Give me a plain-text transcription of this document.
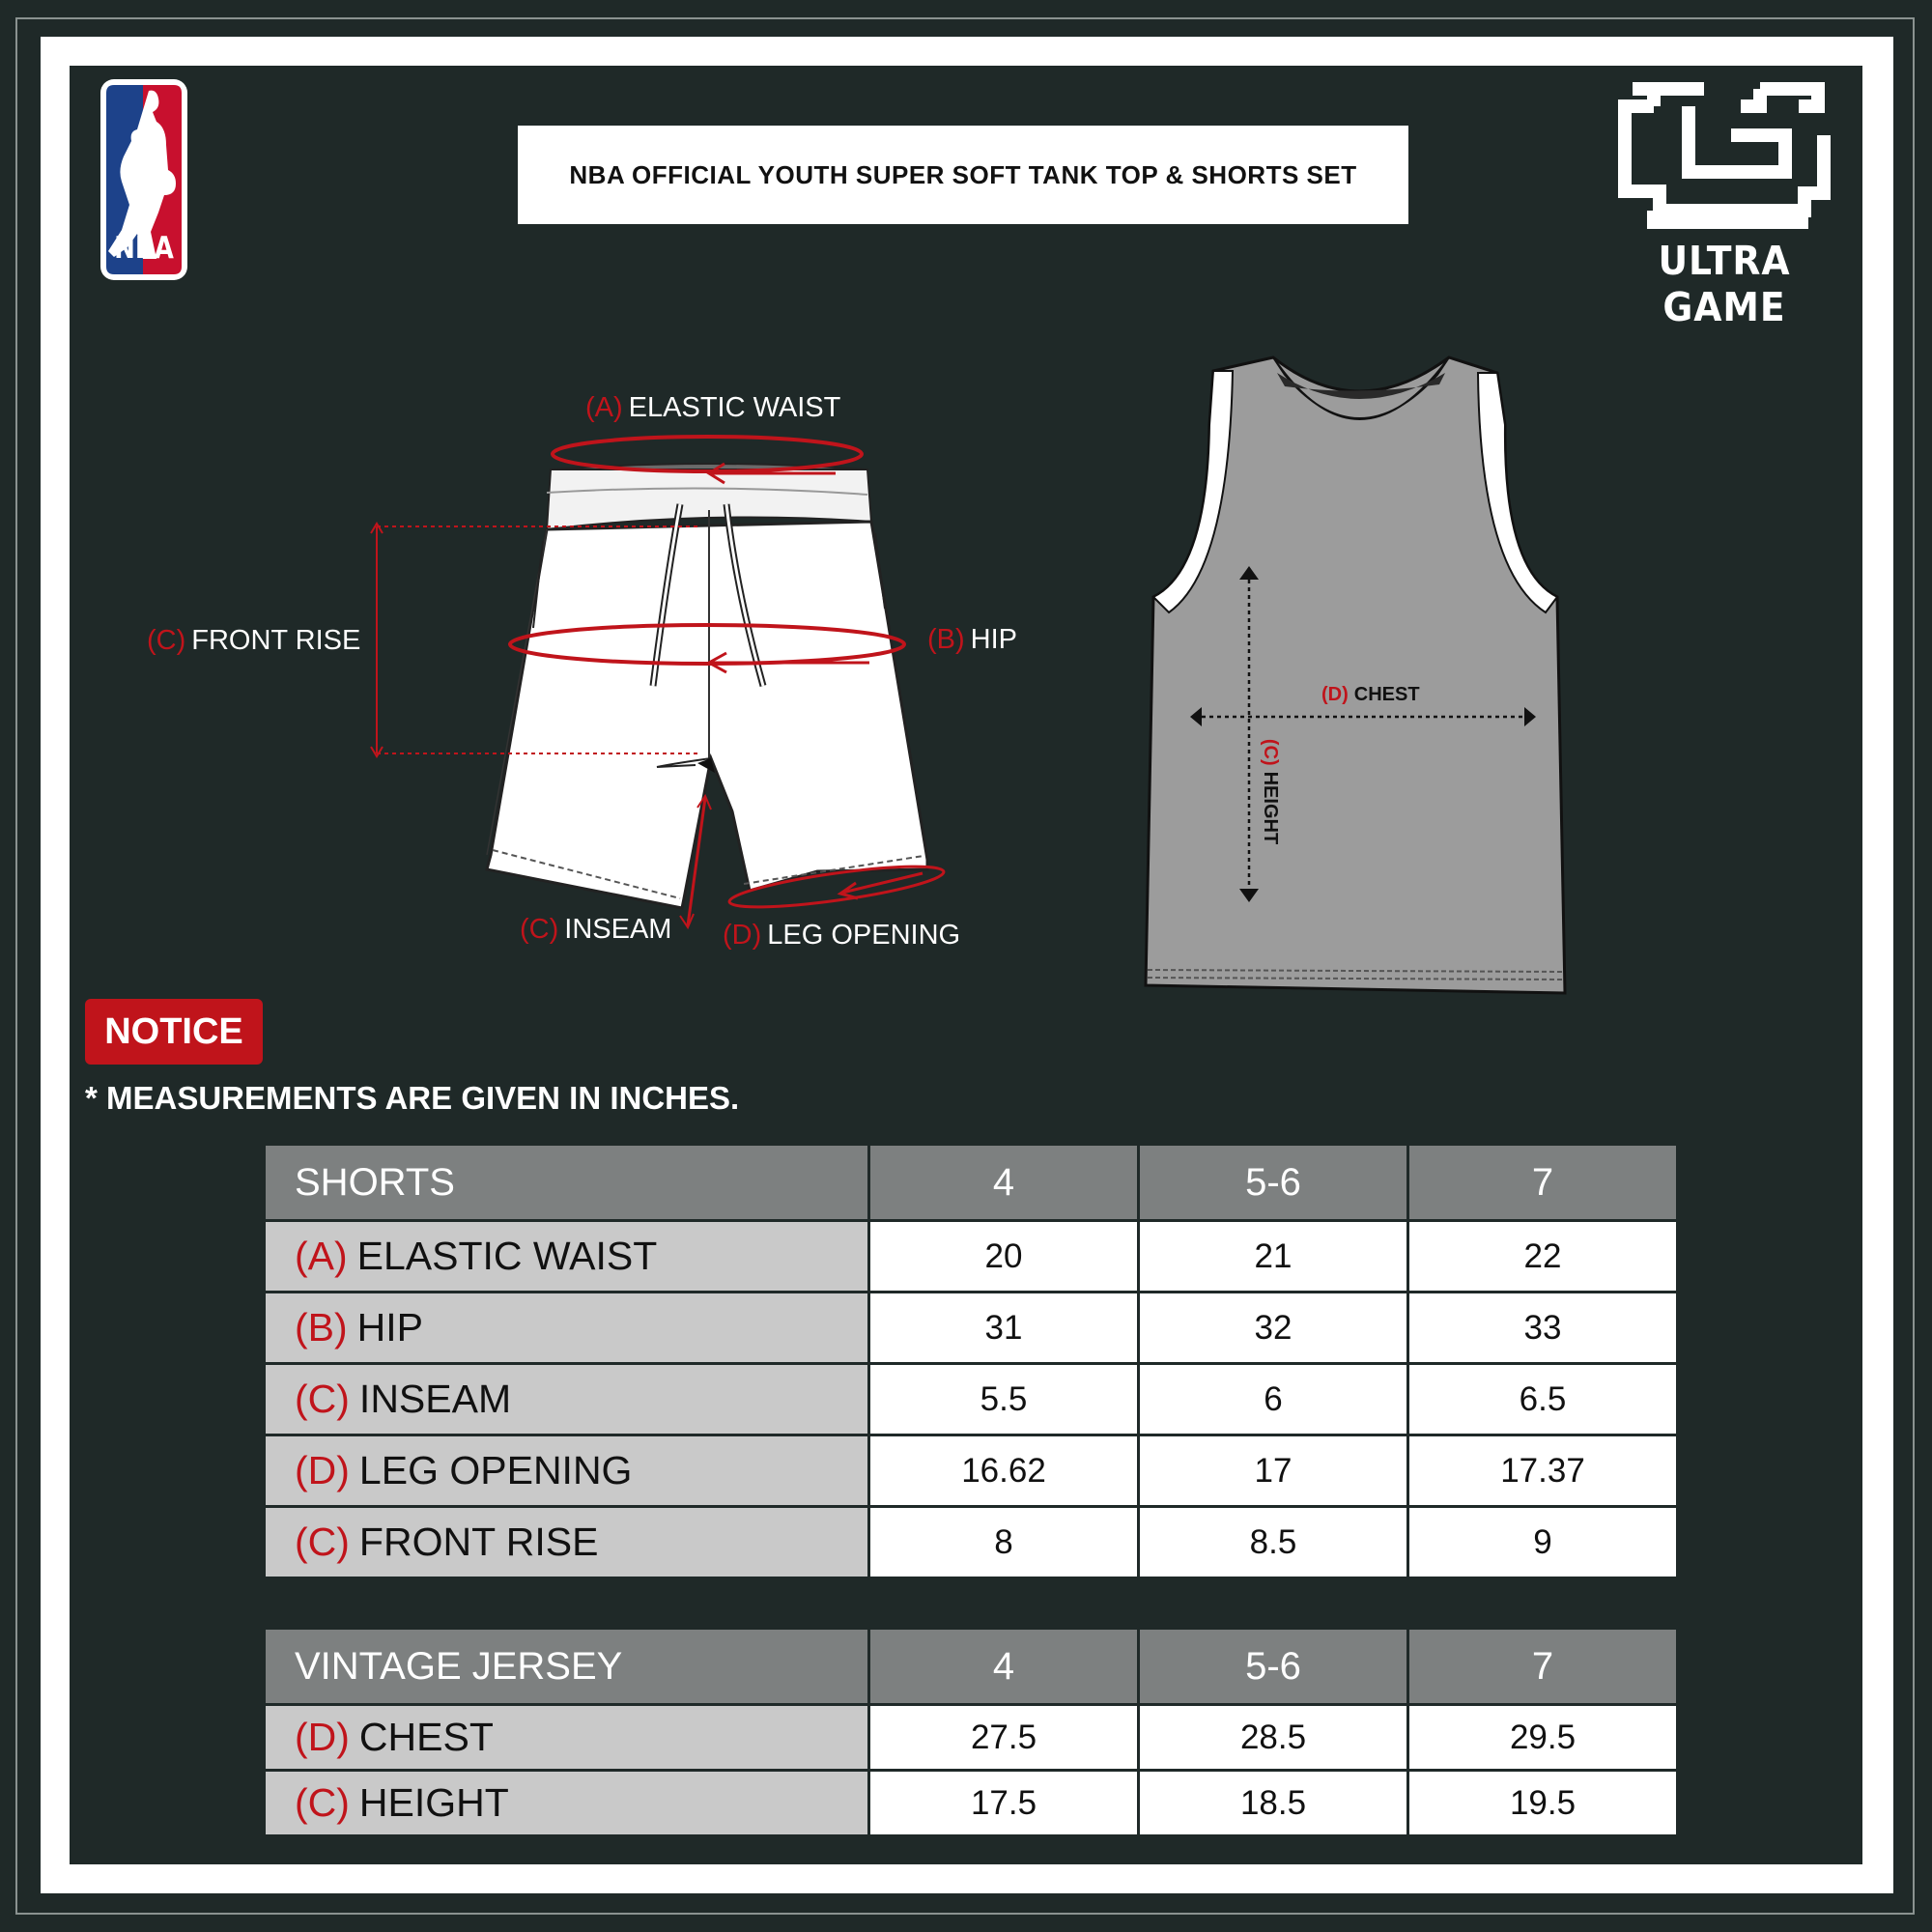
NBA
NBA OFFICIAL YOUTH SUPER SOFT TANK TOP & SHORTS SET
ULTRA GAME
(A) ELASTIC WAIST
(B) HIP
(C) FRONT RISE
(C) INSEAM (D) LEG OPENING
(D) CHEST
(C)HEIGHT
NOTICE
* MEASUREMENTS ARE GIVEN IN INCHES.
SHORTS	4	5-6	7
(A) ELASTIC WAIST	20	21	22
(B) HIP	31	32	33
(C) INSEAM	5.5	6	6.5
(D) LEG OPENING	16.62	17	17.37
(C) FRONT RISE	8	8.5	9
VINTAGE JERSEY	4	5-6	7
(D) CHEST	27.5	28.5	29.5
(C) HEIGHT	17.5	18.5	19.5
